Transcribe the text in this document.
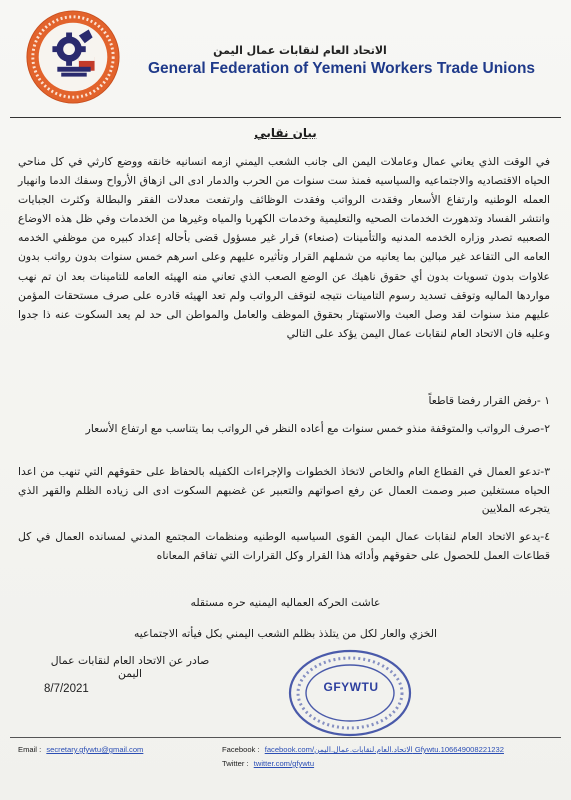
الاتحاد العام لنقابات عمال اليمن
General Federation of Yemeni Workers Trade Unions
بيان نقابي
في الوقت الذي يعاني عمال وعاملات اليمن الى جانب الشعب اليمني ازمه انسانيه خانقه ووضع كارثي في كل مناحي الحياه الاقتصاديه والاجتماعيه والسياسيه فمنذ ست سنوات من الحرب والدمار ادى الى ازهاق الأرواح وسفك الدما وانهيار العمله الوطنيه وارتفاع الأسعار وفقدت الرواتب وفقدت الوظائف وارتفعت معدلات الفقر والبطالة وكثرت الجبايات وانتشر الفساد وتدهورت الخدمات الصحيه والتعليمية وخدمات الكهربا والمياه وغيرها من الخدمات وفي ظل هذه الاوضاع الصعبيه تصدر وزاره الخدمه المدنيه والتأمينات (صنعاء) قرار غير مسؤول قضى بأحاله إعداد كبيره من موظفي الخدمه العامه الى التقاعد غير مبالين بما يعانيه من شملهم القرار وتأثيره عليهم وعلى اسرهم خمس سنوات بدون رواتب بدون علاوات بدون تسويات بدون أي حقوق ناهيك عن الوضع الصعب الذي تعاني منه الهيئه العامه للتامينات بعد ان تم نهب مواردها الماليه وتوقف تسديد رسوم التامينات نتيجه لتوقف الرواتب ولم تعد الهيئه قادره على صرف مستحقات المؤمن عليهم منذ سنوات لقد وصل العبث والاستهتار بحقوق الموظف والعامل والمواطن الى حد لم يعد السكوت عنه ذا جدوا وعليه فان الاتحاد العام لنقابات عمال اليمن يؤكد على التالي
١ -رفض القرار رفضا قاطعاً
٢-صرف الرواتب والمتوقفة منذو خمس سنوات مع أعاده النظر في الرواتب بما يتناسب مع ارتفاع الأسعار
٣-تدعو العمال في القطاع العام والخاص لاتخاذ الخطوات والإجراءات الكفيله بالحفاظ على حقوقهم التي تنهب من اعدا الحياه مستغلين صبر وصمت العمال عن رفع اصواتهم والتعبير عن غضبهم السكوت ادى الى زياده الظلم والقهر الذي يتجرعه الملايين
٤-يدعو الاتحاد العام لنقابات عمال اليمن القوى السياسيه الوطنيه ومنظمات المجتمع المدني لمسانده العمال في كل قطاعات العمل للحصول على حقوقهم وأدائه هذا القرار وكل القرارات التي تفاقم المعاناه
عاشت الحركه العماليه اليمنيه حره مستقله
الخزي والعار لكل من يتلذذ بظلم الشعب اليمني بكل فيأته الاجتماعيه
صادر عن الاتحاد العام لنقابات عمال اليمن
8/7/2021	GFYWTU
Email : secretary.gfywtu@gmail.com	Facebook : facebook.com/الاتحاد.العام.لنقابات.عمال.اليمن Gfywtu.106649008221232
Twitter : twitter.com/gfywtu
